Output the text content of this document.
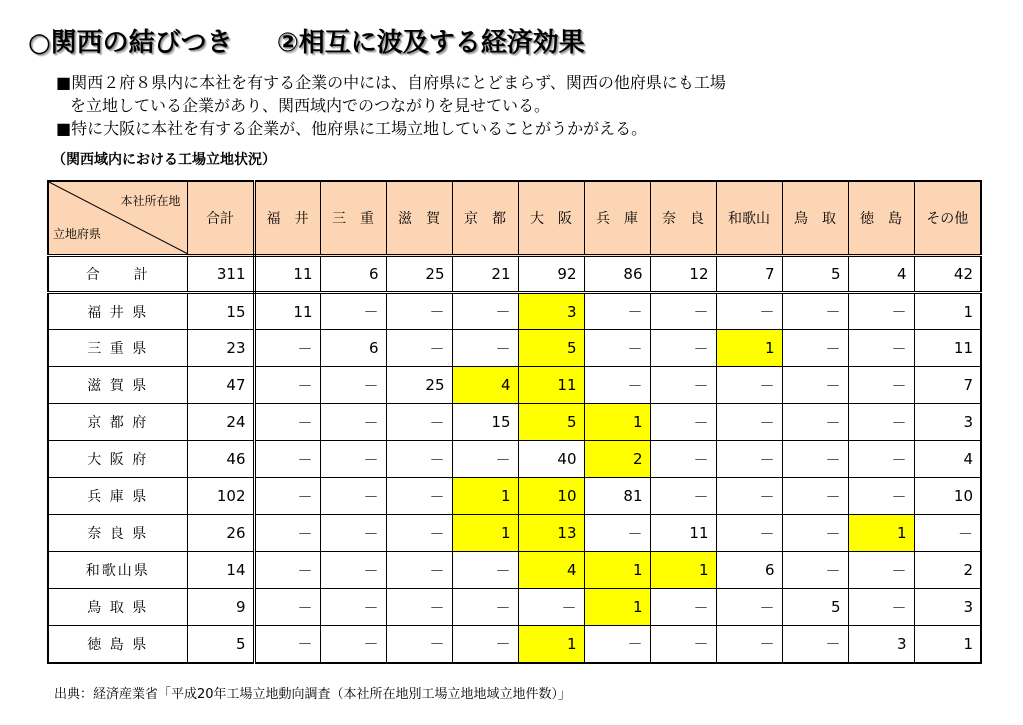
○関西の結びつき ②相互に波及する経済効果
■関西２府８県内に本社を有する企業の中には、自府県にとどまらず、関西の他府県にも工場
を立地している企業があり、関西域内でのつながりを見せている。
■特に大阪に本社を有する企業が、他府県に工場立地していることがうかがえる。
（関西域内における工場立地状況）
本社所在地
立地府県	合計	福　井	三　重	滋　賀	京　都	大　阪	兵　庫	奈　良	和歌山	鳥　取	徳　島	その他
合　　計	311	11	6	25	21	92	86	12	7	5	4	42
福 井 県	15	11	－	－	－	3	－	－	－	－	－	1
三 重 県	23	－	6	－	－	5	－	－	1	－	－	11
滋 賀 県	47	－	－	25	4	11	－	－	－	－	－	7
京 都 府	24	－	－	－	15	5	1	－	－	－	－	3
大 阪 府	46	－	－	－	－	40	2	－	－	－	－	4
兵 庫 県	102	－	－	－	1	10	81	－	－	－	－	10
奈 良 県	26	－	－	－	1	13	－	11	－	－	1	－
和歌山県	14	－	－	－	－	4	1	1	6	－	－	2
鳥 取 県	9	－	－	－	－	－	1	－	－	5	－	3
徳 島 県	5	－	－	－	－	1	－	－	－	－	3	1
出典：経済産業省「平成20年工場立地動向調査（本社所在地別工場立地地域立地件数）」
